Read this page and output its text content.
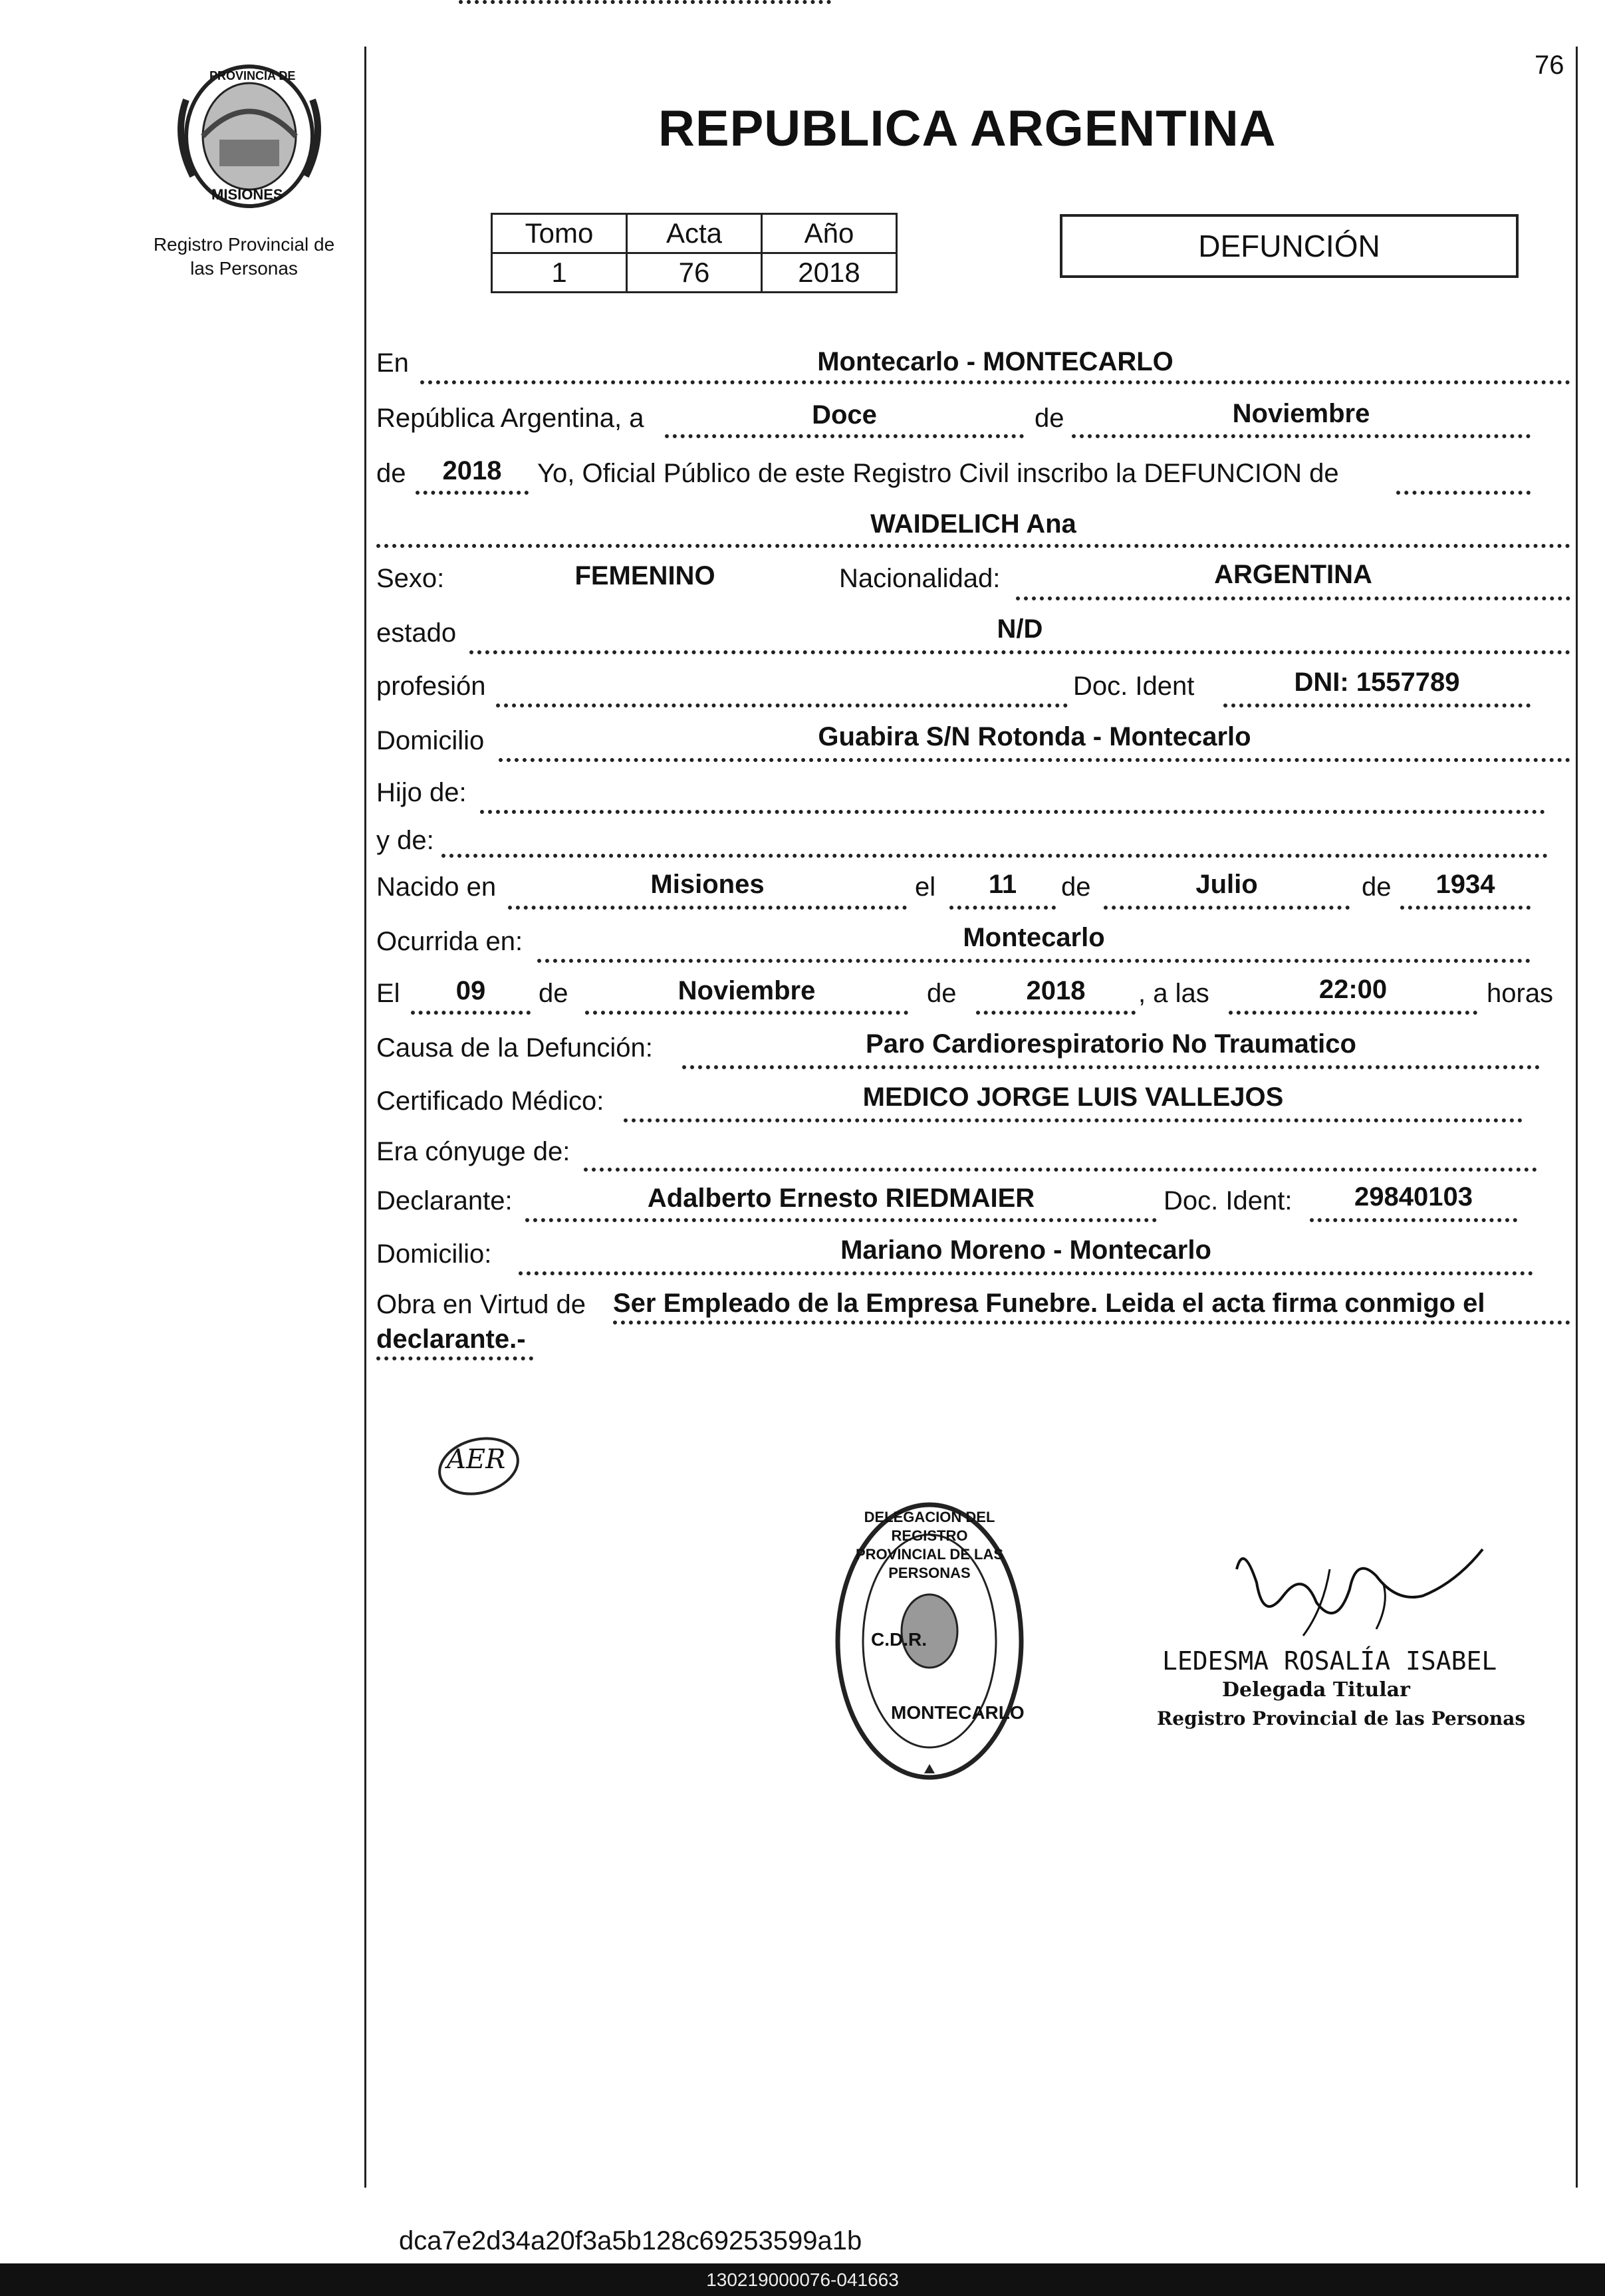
PROVINCIA DE
MISIONES
Registro Provincial de las Personas
76
REPUBLICA ARGENTINA
Tomo	Acta	Año
1	76	2018
DEFUNCIÓN
En	Montecarlo - MONTECARLO
República Argentina, a	Doce	de	Noviembre
de	2018	Yo, Oficial Público de este Registro Civil inscribo la DEFUNCION de
WAIDELICH Ana
Sexo:	FEMENINO	Nacionalidad:	ARGENTINA
estado	N/D
profesión	Doc. Ident	DNI: 1557789
Domicilio	Guabira S/N Rotonda - Montecarlo
Hijo de:
y de:
Nacido en	Misiones	el	11	de	Julio	de	1934
Ocurrida en:	Montecarlo
El	09	de	Noviembre	de	2018	, a las	22:00	horas
Causa de la Defunción:	Paro Cardiorespiratorio No Traumatico
Certificado Médico:	MEDICO JORGE LUIS VALLEJOS
Era cónyuge de:
Declarante:	Adalberto Ernesto RIEDMAIER	Doc. Ident:	29840103
Domicilio:	Mariano Moreno - Montecarlo
Obra en Virtud de Ser Empleado de la Empresa Funebre. Leida el acta firma conmigo el
declarante.-
AER
DELEGACION DEL REGISTRO PROVINCIAL DE LAS PERSONAS
C.D.R.
MONTECARLO
LEDESMA ROSALÍA ISABEL
Delegada Titular
Registro Provincial de las Personas
dca7e2d34a20f3a5b128c69253599a1b
130219000076-041663
